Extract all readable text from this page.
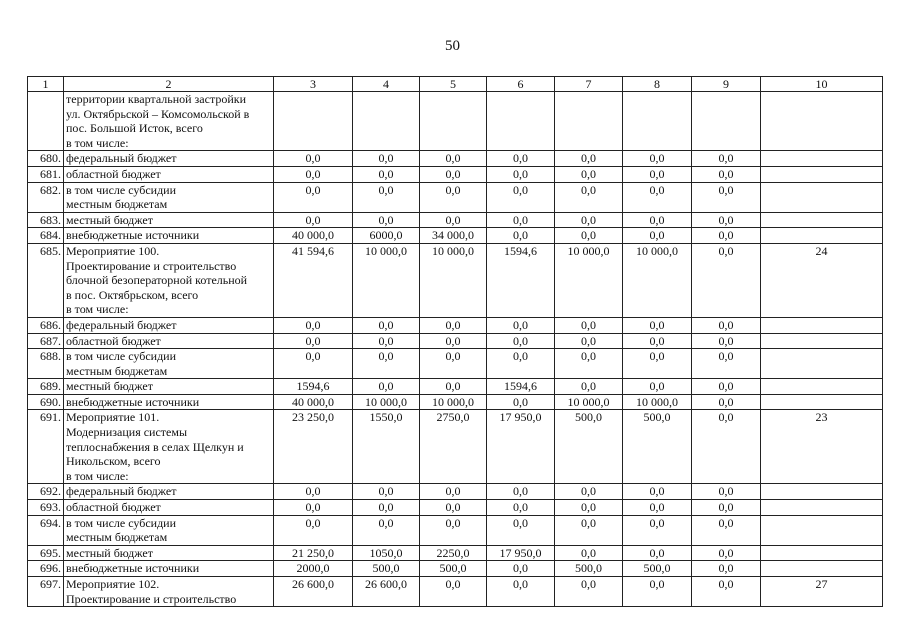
50
1	2	3	4	5	6	7	8	9	10
	территории квартальной застройки
ул. Октябрьской – Комсомольской в
пос. Большой Исток, всего
в том числе:								
680.	федеральный бюджет	0,0	0,0	0,0	0,0	0,0	0,0	0,0	
681.	областной бюджет	0,0	0,0	0,0	0,0	0,0	0,0	0,0	
682.	в том числе субсидии
местным бюджетам	0,0	0,0	0,0	0,0	0,0	0,0	0,0	
683.	местный бюджет	0,0	0,0	0,0	0,0	0,0	0,0	0,0	
684.	внебюджетные источники	40 000,0	6000,0	34 000,0	0,0	0,0	0,0	0,0	
685.	Мероприятие 100.
Проектирование и строительство
блочной безоператорной котельной
в пос. Октябрьском, всего
в том числе:	41 594,6	10 000,0	10 000,0	1594,6	10 000,0	10 000,0	0,0	24
686.	федеральный бюджет	0,0	0,0	0,0	0,0	0,0	0,0	0,0	
687.	областной бюджет	0,0	0,0	0,0	0,0	0,0	0,0	0,0	
688.	в том числе субсидии
местным бюджетам	0,0	0,0	0,0	0,0	0,0	0,0	0,0	
689.	местный бюджет	1594,6	0,0	0,0	1594,6	0,0	0,0	0,0	
690.	внебюджетные источники	40 000,0	10 000,0	10 000,0	0,0	10 000,0	10 000,0	0,0	
691.	Мероприятие 101.
Модернизация системы
теплоснабжения в селах Щелкун и
Никольском, всего
в том числе:	23 250,0	1550,0	2750,0	17 950,0	500,0	500,0	0,0	23
692.	федеральный бюджет	0,0	0,0	0,0	0,0	0,0	0,0	0,0	
693.	областной бюджет	0,0	0,0	0,0	0,0	0,0	0,0	0,0	
694.	в том числе субсидии
местным бюджетам	0,0	0,0	0,0	0,0	0,0	0,0	0,0	
695.	местный бюджет	21 250,0	1050,0	2250,0	17 950,0	0,0	0,0	0,0	
696.	внебюджетные источники	2000,0	500,0	500,0	0,0	500,0	500,0	0,0	
697.	Мероприятие 102.
Проектирование и строительство	26 600,0	26 600,0	0,0	0,0	0,0	0,0	0,0	27
